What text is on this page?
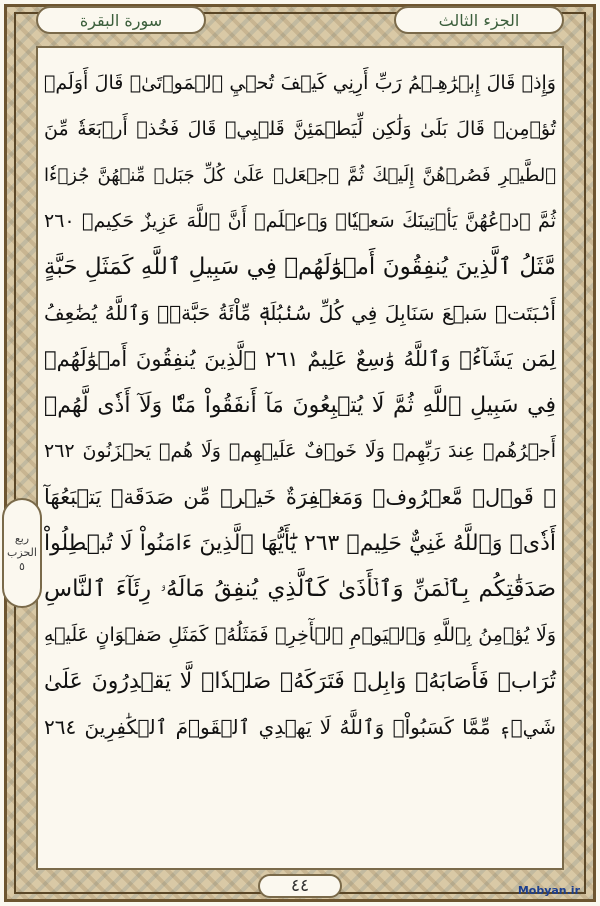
الجزء الثالث
سورة البقرة
وَإِذۡ قَالَ إِبۡرَٰهِـۧمُ رَبِّ أَرِنِي كَيۡفَ تُحۡيِ ٱلۡمَوۡتَىٰۖ قَالَ أَوَلَمۡ
تُؤۡمِنۖ قَالَ بَلَىٰ وَلَٰكِن لِّيَطۡمَئِنَّ قَلۡبِيۖ قَالَ فَخُذۡ أَرۡبَعَةٗ مِّنَ
ٱلطَّيۡرِ فَصُرۡهُنَّ إِلَيۡكَ ثُمَّ ٱجۡعَلۡ عَلَىٰ كُلِّ جَبَلٖ مِّنۡهُنَّ جُزۡءٗا
ثُمَّ ٱدۡعُهُنَّ يَأۡتِينَكَ سَعۡيٗاۚ وَٱعۡلَمۡ أَنَّ ٱللَّهَ عَزِيزٌ حَكِيمٞ ٢٦٠
مَّثَلُ ٱلَّذِينَ يُنفِقُونَ أَمۡوَٰلَهُمۡ فِي سَبِيلِ ٱللَّهِ كَمَثَلِ حَبَّةٍ
أَنۢبَتَتۡ سَبۡعَ سَنَابِلَ فِي كُلِّ سُنۢبُلَةٖ مِّاْئَةُ حَبَّةٖۗ وَٱللَّهُ يُضَٰعِفُ
لِمَن يَشَآءُۚ وَٱللَّهُ وَٰسِعٌ عَلِيمٌ ٢٦١ ٱلَّذِينَ يُنفِقُونَ أَمۡوَٰلَهُمۡ
فِي سَبِيلِ ٱللَّهِ ثُمَّ لَا يُتۡبِعُونَ مَآ أَنفَقُواْ مَنّٗا وَلَآ أَذٗى لَّهُمۡ
أَجۡرُهُمۡ عِندَ رَبِّهِمۡ وَلَا خَوۡفٌ عَلَيۡهِمۡ وَلَا هُمۡ يَحۡزَنُونَ ٢٦٢
۞ قَوۡلٞ مَّعۡرُوفٞ وَمَغۡفِرَةٌ خَيۡرٞ مِّن صَدَقَةٖ يَتۡبَعُهَآ
أَذٗىۗ وَٱللَّهُ غَنِيٌّ حَلِيمٞ ٢٦٣ يَٰٓأَيُّهَا ٱلَّذِينَ ءَامَنُواْ لَا تُبۡطِلُواْ
صَدَقَٰتِكُم بِٱلۡمَنِّ وَٱلۡأَذَىٰ كَٱلَّذِي يُنفِقُ مَالَهُۥ رِئَآءَ ٱلنَّاسِ
وَلَا يُؤۡمِنُ بِٱللَّهِ وَٱلۡيَوۡمِ ٱلۡأٓخِرِۖ فَمَثَلُهُۥ كَمَثَلِ صَفۡوَانٍ عَلَيۡهِ
تُرَابٞ فَأَصَابَهُۥ وَابِلٞ فَتَرَكَهُۥ صَلۡدٗاۖ لَّا يَقۡدِرُونَ عَلَىٰ
شَيۡءٖ مِّمَّا كَسَبُواْۗ وَٱللَّهُ لَا يَهۡدِي ٱلۡقَوۡمَ ٱلۡكَٰفِرِينَ ٢٦٤
ربع
الحزب
٥
٤٤	Mobyan.ir
